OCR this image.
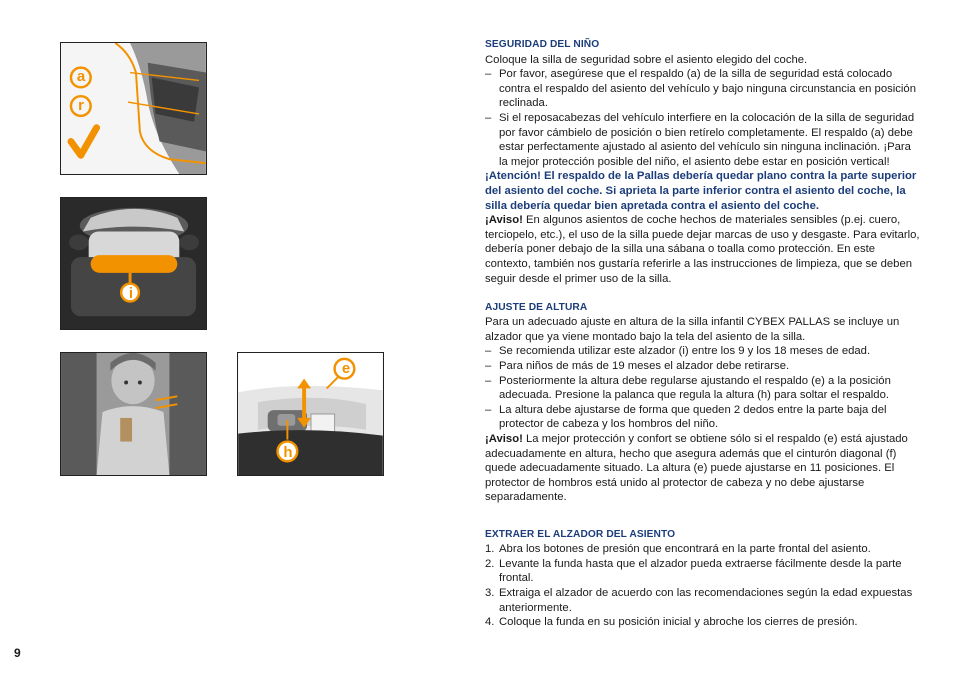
a
r
i
e
h
SEGURIDAD DEL NIÑO

Coloque la silla de seguridad sobre el asiento elegido del coche.

– Por favor, asegúrese que el respaldo (a) de la silla de seguridad está colocado contra el respaldo del asiento del vehículo y bajo ninguna circunstancia en posición reclinada.
– Si el reposacabezas del vehículo interfiere en la colocación de la silla de seguridad por favor cámbielo de posición o bien retírelo completamente. El respaldo (a) debe estar perfectamente ajustado al asiento del vehículo sin ninguna inclinación. ¡Para la mejor protección posible del niño, el asiento debe estar en posición vertical!

¡Atención! El respaldo de la Pallas debería quedar plano contra la parte superior del asiento del coche. Si aprieta la parte inferior contra el asiento del coche, la silla debería quedar bien apretada contra el asiento del coche.

¡Aviso! En algunos asientos de coche hechos de materiales sensibles (p.ej. cuero, terciopelo, etc.), el uso de la silla puede dejar marcas de uso y desgaste. Para evitarlo, debería poner debajo de la silla una sábana o toalla como protección. En este contexto, también nos gustaría referirle a las instrucciones de limpieza, que se deben seguir desde el primer uso de la silla.

AJUSTE DE ALTURA

Para un adecuado ajuste en altura de la silla infantil CYBEX PALLAS se incluye un alzador que ya viene montado bajo la tela del asiento de la silla.

– Se recomienda utilizar este alzador (i) entre los 9 y los 18 meses de edad.
– Para niños de más de 19 meses el alzador debe retirarse.
– Posteriormente la altura debe regularse ajustando el respaldo (e) a la posición adecuada. Presione la palanca que regula la altura (h) para soltar el respaldo.
– La altura debe ajustarse de forma que queden 2 dedos entre la parte baja del protector de cabeza y los hombros del niño.

¡Aviso! La mejor protección y confort se obtiene sólo si el respaldo (e) está ajustado adecuadamente en altura, hecho que asegura además que el cinturón diagonal (f) quede adecuadamente situado. La altura (e) puede ajustarse en 11 posiciones. El protector de hombros está unido al protector de cabeza y no debe ajustarse separadamente.

EXTRAER EL ALZADOR DEL ASIENTO
1. Abra los botones de presión que encontrará en la parte frontal del asiento.
2. Levante la funda hasta que el alzador pueda extraerse fácilmente desde la parte frontal.
3. Extraiga el alzador de acuerdo con las recomendaciones según la edad expuestas anteriormente.
4. Coloque la funda en su posición inicial y abroche los cierres de presión.
9
